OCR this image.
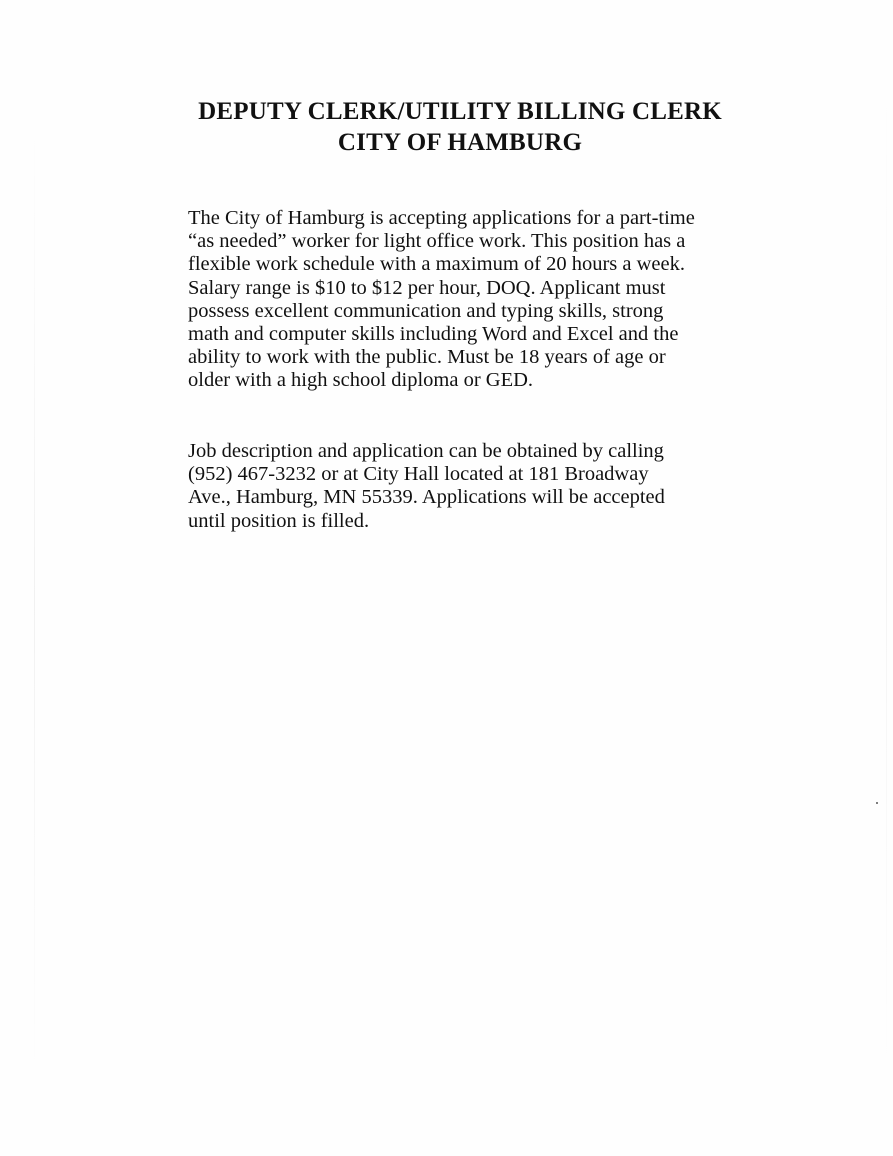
DEPUTY CLERK/UTILITY BILLING CLERK
CITY OF HAMBURG

The City of Hamburg is accepting applications for a part-time
“as needed” worker for light office work. This position has a
flexible work schedule with a maximum of 20 hours a week.
Salary range is $10 to $12 per hour, DOQ. Applicant must
possess excellent communication and typing skills, strong
math and computer skills including Word and Excel and the
ability to work with the public. Must be 18 years of age or
older with a high school diploma or GED.

Job description and application can be obtained by calling
(952) 467-3232 or at City Hall located at 181 Broadway
Ave., Hamburg, MN 55339. Applications will be accepted
until position is filled.
